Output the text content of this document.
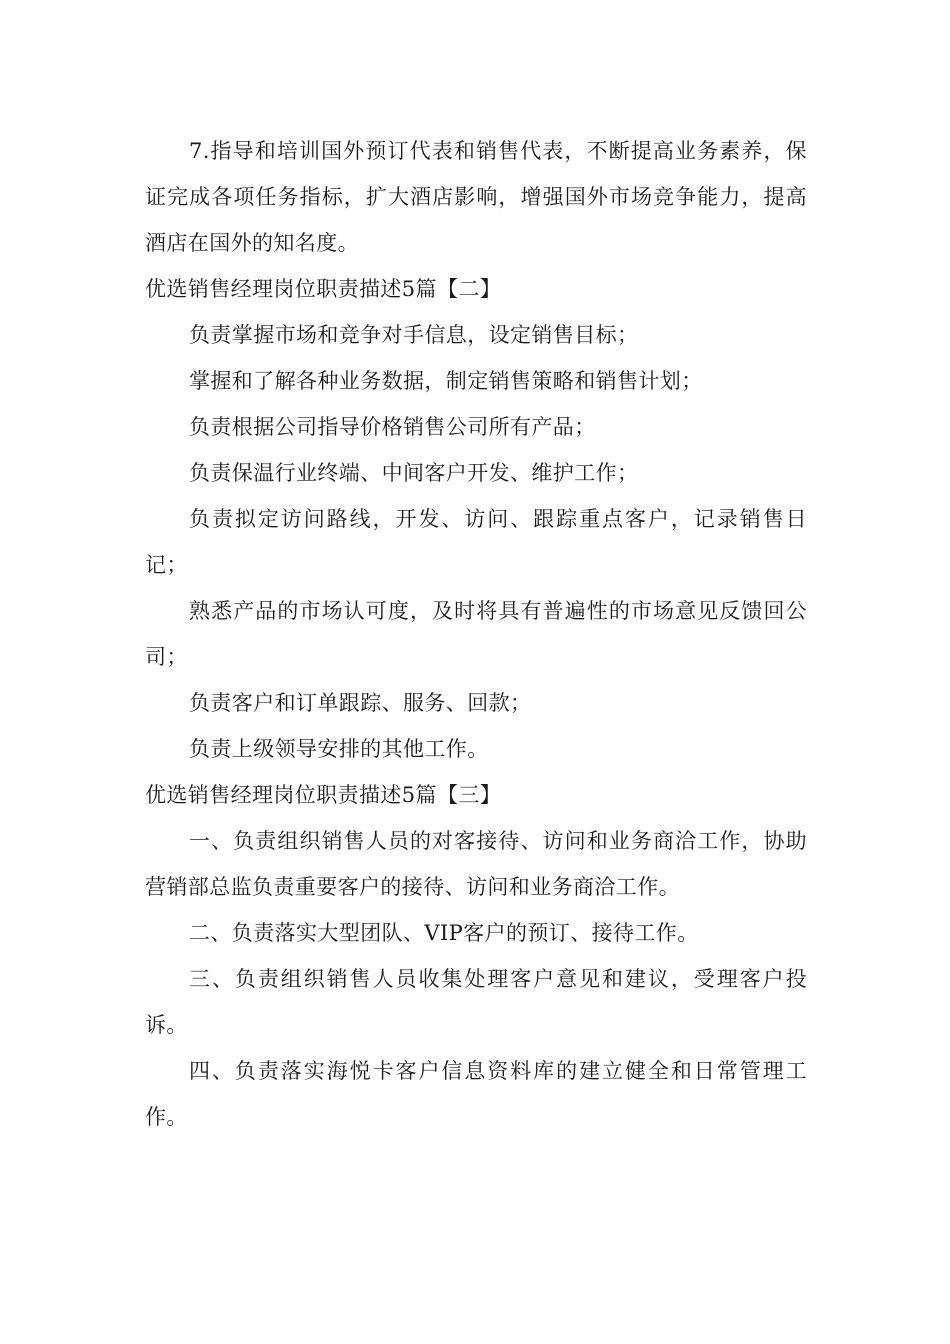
7.指导和培训国外预订代表和销售代表，不断提高业务素养，保证完成各项任务指标，扩大酒店影响，增强国外市场竞争能力，提高酒店在国外的知名度。

优选销售经理岗位职责描述5篇【二】

负责掌握市场和竞争对手信息，设定销售目标；

掌握和了解各种业务数据，制定销售策略和销售计划；

负责根据公司指导价格销售公司所有产品；

负责保温行业终端、中间客户开发、维护工作；

负责拟定访问路线，开发、访问、跟踪重点客户，记录销售日记；

熟悉产品的市场认可度，及时将具有普遍性的市场意见反馈回公司；

负责客户和订单跟踪、服务、回款；

负责上级领导安排的其他工作。

优选销售经理岗位职责描述5篇【三】

一、负责组织销售人员的对客接待、访问和业务商洽工作，协助营销部总监负责重要客户的接待、访问和业务商洽工作。

二、负责落实大型团队、VIP客户的预订、接待工作。

三、负责组织销售人员收集处理客户意见和建议，受理客户投诉。

四、负责落实海悦卡客户信息资料库的建立健全和日常管理工作。
